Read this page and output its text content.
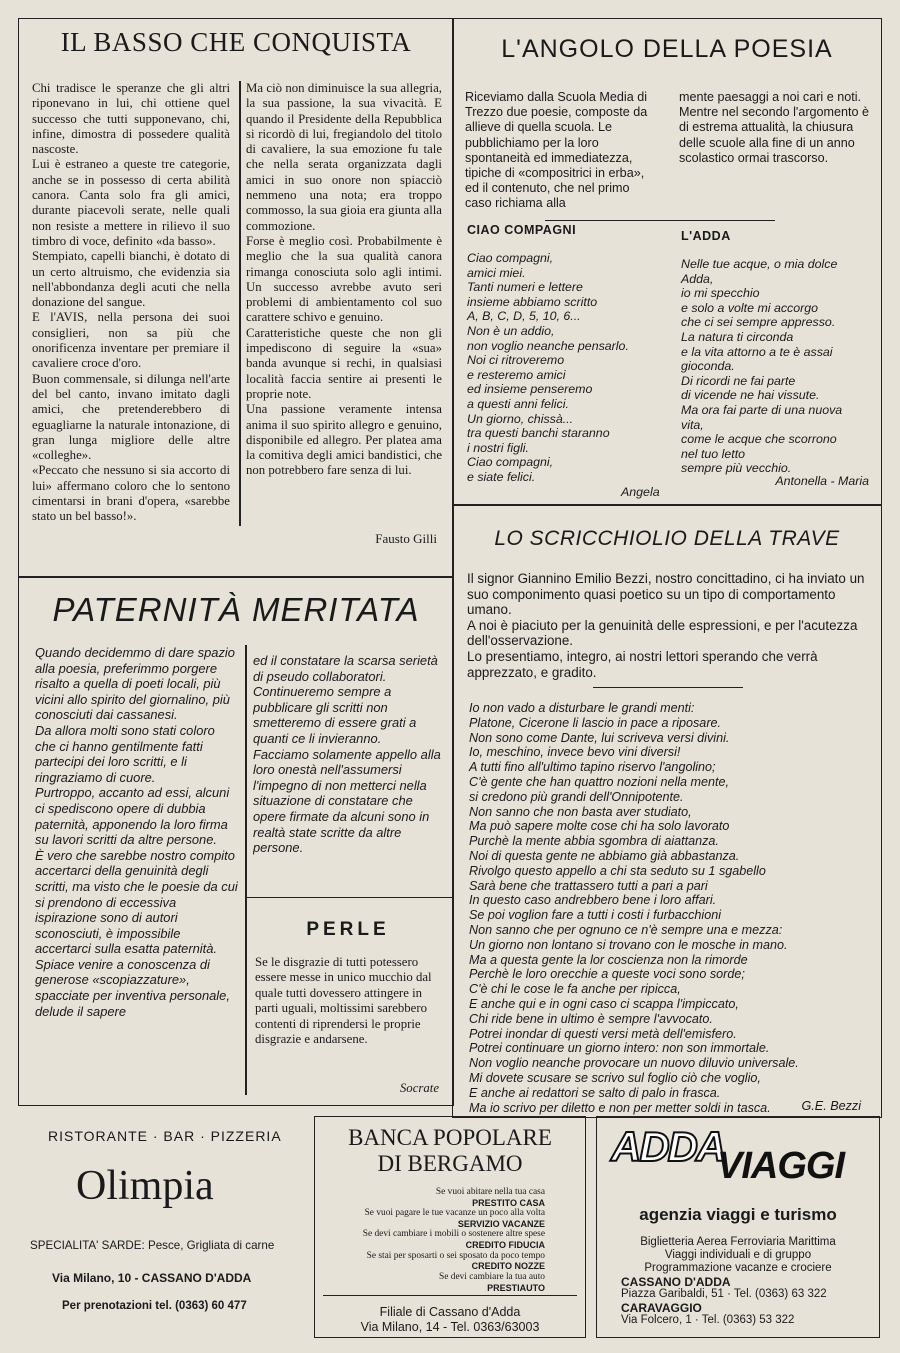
IL BASSO CHE CONQUISTA
Chi tradisce le speranze che gli altri riponevano in lui, chi ottiene quel successo che tutti supponevano, chi, infine, dimostra di possedere qualità nascoste.
Lui è estraneo a queste tre categorie, anche se in possesso di certa abilità canora. Canta solo fra gli amici, durante piacevoli serate, nelle quali non resiste a mettere in rilievo il suo timbro di voce, definito «da basso».
Stempiato, capelli bianchi, è dotato di un certo altruismo, che evidenzia sia nell'abbondanza degli acuti che nella donazione del sangue.
E l'AVIS, nella persona dei suoi consiglieri, non sa più che onorificenza inventare per premiare il cavaliere croce d'oro.
Buon commensale, si dilunga nell'arte del bel canto, invano imitato dagli amici, che pretenderebbero di eguagliarne la naturale intonazione, di gran lunga migliore delle altre «colleghe».
«Peccato che nessuno si sia accorto di lui» affermano coloro che lo sentono cimentarsi in brani d'opera, «sarebbe stato un bel basso!».
Ma ciò non diminuisce la sua allegria, la sua passione, la sua vivacità. E quando il Presidente della Repubblica si ricordò di lui, fregiandolo del titolo di cavaliere, la sua emozione fu tale che nella serata organizzata dagli amici in suo onore non spiacciò nemmeno una nota; era troppo commosso, la sua gioia era giunta alla commozione.
Forse è meglio così. Probabilmente è meglio che la sua qualità canora rimanga conosciuta solo agli intimi. Un successo avrebbe avuto seri problemi di ambientamento col suo carattere schivo e genuino.
Caratteristiche queste che non gli impediscono di seguire la «sua» banda avunque si rechi, in qualsiasi località faccia sentire ai presenti le proprie note.
Una passione veramente intensa anima il suo spirito allegro e genuino, disponibile ed allegro. Per platea ama la comitiva degli amici bandistici, che non potrebbero fare senza di lui.
Fausto Gilli
L'ANGOLO DELLA POESIA
Riceviamo dalla Scuola Media di Trezzo due poesie, composte da allieve di quella scuola. Le pubblichiamo per la loro spontaneità ed immediatezza, tipiche di «compositrici in erba», ed il contenuto, che nel primo caso richiama alla
mente paesaggi a noi cari e noti.
Mentre nel secondo l'argomento è di estrema attualità, la chiusura delle scuole alla fine di un anno scolastico ormai trascorso.
CIAO COMPAGNI
Ciao compagni,
amici miei.
Tanti numeri e lettere
insieme abbiamo scritto
A, B, C, D, 5, 10, 6...
Non è un addio,
non voglio neanche pensarlo.
Noi ci ritroveremo
e resteremo amici
ed insieme penseremo
a questi anni felici.
Un giorno, chissà...
tra questi banchi staranno
i nostri figli.
Ciao compagni,
e siate felici.
Angela
L'ADDA
Nelle tue acque, o mia dolce
Adda,
io mi specchio
e solo a volte mi accorgo
che ci sei sempre appresso.
La natura ti circonda
e la vita attorno a te è assai
gioconda.
Di ricordi ne fai parte
di vicende ne hai vissute.
Ma ora fai parte di una nuova
vita,
come le acque che scorrono
nel tuo letto
sempre più vecchio.
Antonella - Maria
PATERNITÀ MERITATA
Quando decidemmo di dare spazio alla poesia, preferimmo porgere risalto a quella di poeti locali, più vicini allo spirito del giornalino, più conosciuti dai cassanesi.
Da allora molti sono stati coloro che ci hanno gentilmente fatti partecipi dei loro scritti, e li ringraziamo di cuore.
Purtroppo, accanto ad essi, alcuni ci spediscono opere di dubbia paternità, apponendo la loro firma su lavori scritti da altre persone.
È vero che sarebbe nostro compito accertarci della genuinità degli scritti, ma visto che le poesie da cui si prendono di eccessiva ispirazione sono di autori sconosciuti, è impossibile accertarci sulla esatta paternità.
Spiace venire a conoscenza di generose «scopiazzature», spacciate per inventiva personale, delude il sapere
ed il constatare la scarsa serietà di pseudo collaboratori.
Continueremo sempre a pubblicare gli scritti non smetteremo di essere grati a quanti ce li invieranno.
Facciamo solamente appello alla loro onestà nell'assumersi l'impegno di non metterci nella situazione di constatare che opere firmate da alcuni sono in realtà state scritte da altre persone.
PERLE
Se le disgrazie di tutti potessero essere messe in unico mucchio dal quale tutti dovessero attingere in parti uguali, moltissimi sarebbero contenti di riprendersi le proprie disgrazie e andarsene.
Socrate
LO SCRICCHIOLIO DELLA TRAVE
Il signor Giannino Emilio Bezzi, nostro concittadino, ci ha inviato un suo componimento quasi poetico su un tipo di comportamento umano.
A noi è piaciuto per la genuinità delle espressioni, e per l'acutezza dell'osservazione.
Lo presentiamo, integro, ai nostri lettori sperando che verrà apprezzato, e gradito.
Io non vado a disturbare le grandi menti:
Platone, Cicerone li lascio in pace a riposare.
Non sono come Dante, lui scriveva versi divini.
Io, meschino, invece bevo vini diversi!
A tutti fino all'ultimo tapino riservo l'angolino;
C'è gente che han quattro nozioni nella mente,
si credono più grandi dell'Onnipotente.
Non sanno che non basta aver studiato,
Ma può sapere molte cose chi ha solo lavorato
Purchè la mente abbia sgombra di aiattanza.
Noi di questa gente ne abbiamo già abbastanza.
Rivolgo questo appello a chi sta seduto su 1 sgabello
Sarà bene che trattassero tutti a pari a pari
In questo caso andrebbero bene i loro affari.
Se poi voglion fare a tutti i costi i furbacchioni
Non sanno che per ognuno ce n'è sempre una e mezza:
Un giorno non lontano si trovano con le mosche in mano.
Ma a questa gente la lor coscienza non la rimorde
Perchè le loro orecchie a queste voci sono sorde;
C'è chi le cose le fa anche per ripicca,
E anche qui e in ogni caso ci scappa l'impiccato,
Chi ride bene in ultimo è sempre l'avvocato.
Potrei inondar di questi versi metà dell'emisfero.
Potrei continuare un giorno intero: non son immortale.
Non voglio neanche provocare un nuovo diluvio universale.
Mi dovete scusare se scrivo sul foglio ciò che voglio,
E anche ai redattori se salto di palo in frasca.
Ma io scrivo per diletto e non per metter soldi in tasca.	G.E. Bezzi
RISTORANTE · BAR · PIZZERIA
Olimpia
SPECIALITA' SARDE: Pesce, Grigliata di carne
Via Milano, 10 - CASSANO D'ADDA
Per prenotazioni tel. (0363) 60 477
BANCA POPOLARE
DI BERGAMO
Se vuoi abitare nella tua casa
PRESTITO CASA
Se vuoi pagare le tue vacanze un poco alla volta
SERVIZIO VACANZE
Se devi cambiare i mobili o sostenere altre spese
CREDITO FIDUCIA
Se stai per sposarti o sei sposato da poco tempo
CREDITO NOZZE
Se devi cambiare la tua auto
PRESTIAUTO
Filiale di Cassano d'Adda
Via Milano, 14 - Tel. 0363/63003
ADDA
VIAGGI
agenzia viaggi e turismo
Biglietteria Aerea Ferroviaria Marittima
Viaggi individuali e di gruppo
Programmazione vacanze e crociere
CASSANO D'ADDA
Piazza Garibaldi, 51 · Tel. (0363) 63 322
CARAVAGGIO
Via Folcero, 1 · Tel. (0363) 53 322
